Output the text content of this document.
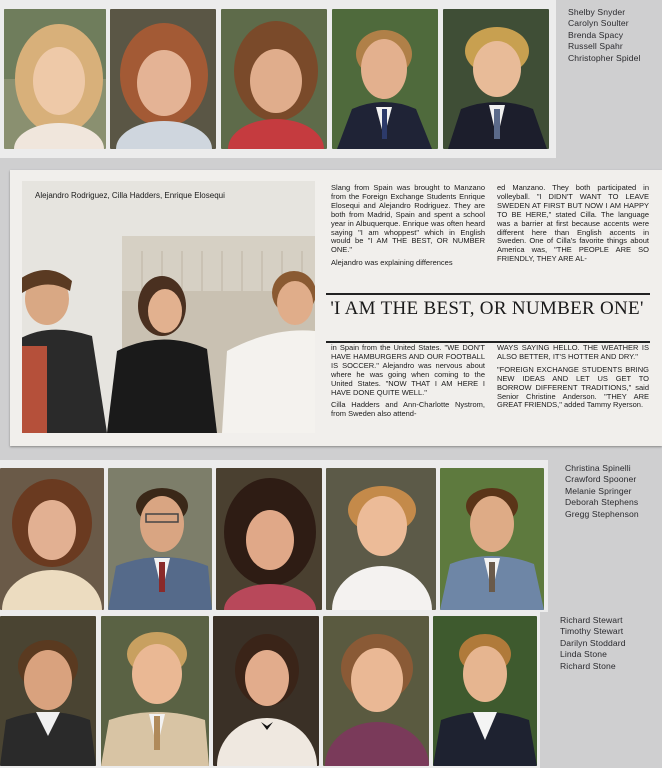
Shelby Snyder
Carolyn Soulter
Brenda Spacy
Russell Spahr
Christopher Spidel
Alejandro Rodriguez, Cilla Hadders, Enrique Elosequi

Slang from Spain was brought to Manzano from the Foreign Exchange Students Enrique Elosequi and Alejandro Rodriguez. They are both from Madrid, Spain and spent a school year in Albuquerque. Enrique was often heard saying "I am whoppest" which in English would be "I AM THE BEST, OR NUMBER ONE."

Alejandro was explaining differences

ed Manzano. They both participated in volleyball. "I DIDN'T WANT TO LEAVE SWEDEN AT FIRST BUT NOW I AM HAPPY TO BE HERE," stated Cilla. The language was a barrier at first because accents were different here than English accents in Sweden. One of Cilla's favorite things about America was, "THE PEOPLE ARE SO FRIENDLY, THEY ARE AL-

'I AM THE BEST, OR NUMBER ONE'

in Spain from the United States. "WE DON'T HAVE HAMBURGERS AND OUR FOOTBALL IS SOCCER." Alejandro was nervous about where he was going when coming to the United States. "NOW THAT I AM HERE I HAVE DONE QUITE WELL."

Cilla Hadders and Ann-Charlotte Nystrom, from Sweden also attend-

WAYS SAYING HELLO. THE WEATHER IS ALSO BETTER, IT'S HOTTER AND DRY."

"FOREIGN EXCHANGE STUDENTS BRING NEW IDEAS AND LET US GET TO BORROW DIFFERENT TRADITIONS," said Senior Christine Anderson. "THEY ARE GREAT FRIENDS," added Tammy Ryerson.

Christina Spinelli
Crawford Spooner
Melanie Springer
Deborah Stephens
Gregg Stephenson
Richard Stewart
Timothy Stewart
Darilyn Stoddard
Linda Stone
Richard Stone
